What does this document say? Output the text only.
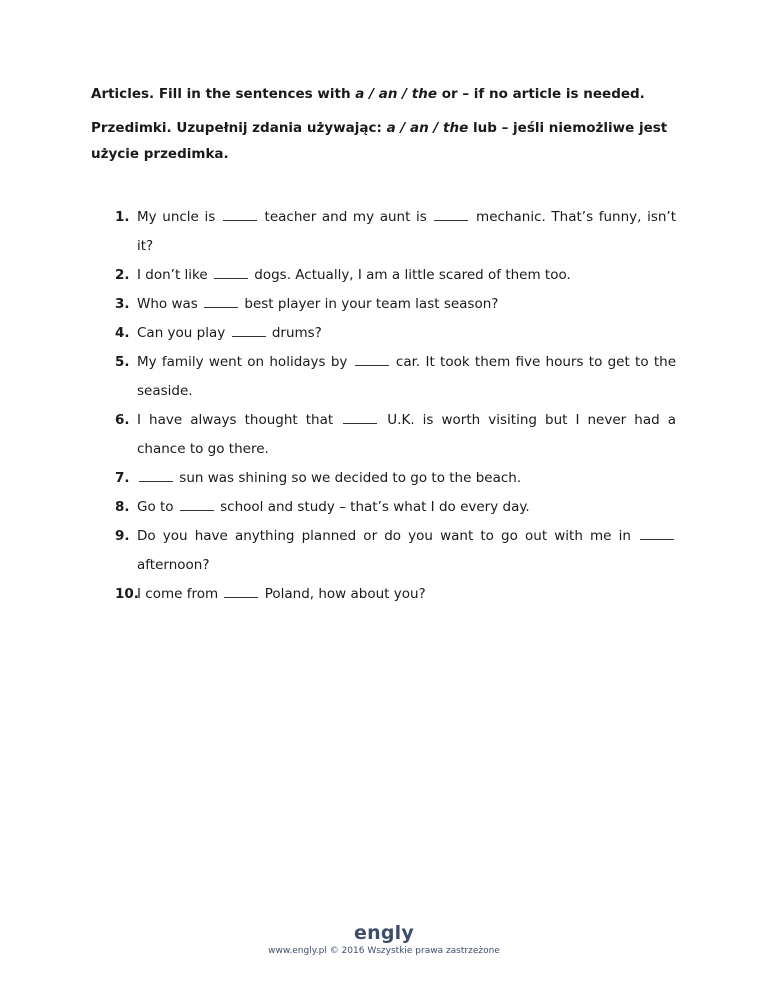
Articles. Fill in the sentences with a / an / the or – if no article is needed.
Przedimki. Uzupełnij zdania używając: a / an / the lub – jeśli niemożliwe jest użycie przedimka.
1. My uncle is	teacher and my aunt is	mechanic. That’s funny, isn’t it?
2. I don’t like	dogs. Actually, I am a little scared of them too.
3. Who was	best player in your team last season?
4. Can you play	drums?
5. My family went on holidays by	car. It took them five hours to get to the seaside.
6. I have always thought that	U.K. is worth visiting but I never had a chance to go there.
7.	sun was shining so we decided to go to the beach.
8. Go to	school and study – that’s what I do every day.
9. Do you have anything planned or do you want to go out with me in  afternoon?
10.
I come from	Poland, how about you?
engly
www.engly.pl © 2016 Wszystkie prawa zastrzeżone
